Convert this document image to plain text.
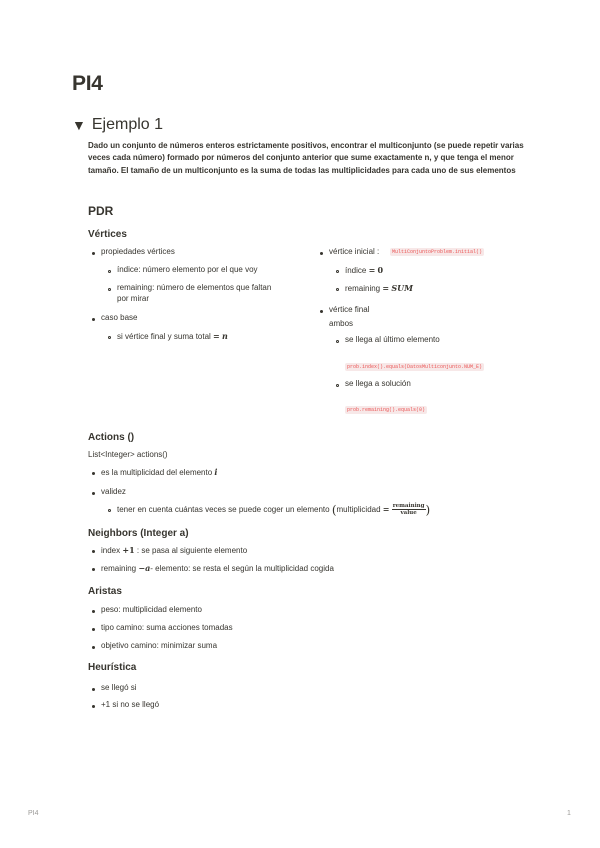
PI4
▼ Ejemplo 1
Dado un conjunto de números enteros estrictamente positivos, encontrar el multiconjunto (se puede repetir varias veces cada número) formado por números del conjunto anterior que sume exactamente n, y que tenga el menor tamaño. El tamaño de un multiconjunto es la suma de todas las multiplicidades para cada uno de sus elementos
PDR
Vértices
propiedades vértices
índice: número elemento por el que voy
remaining: número de elementos que faltan
por mirar
caso base
si vértice final y suma total = n
vértice inicial :	MultiConjuntoProblem.initial()
índice = 0
remaining = SUM
vértice final
ambos
se llega al último elemento
prob.index().equals(DatosMulticonjunto.NUM_E)
se llega a solución
prob.remaining().equals(0)
Actions ()
List<Integer> actions()
es la multiplicidad del elemento i
validez
tener en cuenta cuántas veces se puede coger un elemento (multiplicidad = $\frac{\text{remaining}}{\text{value}}$ )
Neighbors (Integer a)
index +1 : se pasa al siguiente elemento
remaining −a- elemento: se resta el según la multiplicidad cogida
Aristas
peso: multiplicidad elemento
tipo camino: suma acciones tomadas
objetivo camino: minimizar suma
Heurística
se llegó si
+1 si no se llegó
PI4	1
